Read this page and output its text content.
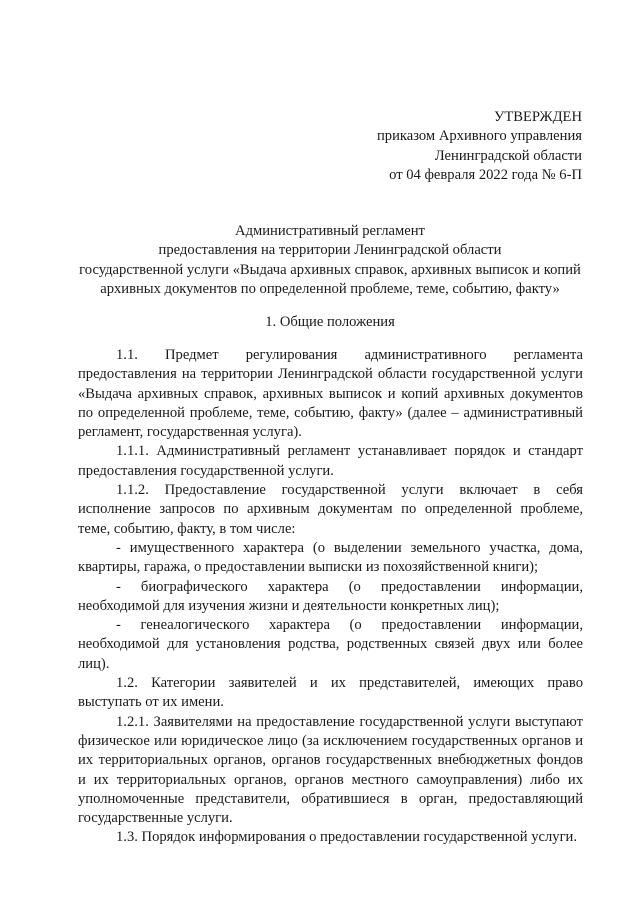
УТВЕРЖДЕН
приказом Архивного управления
Ленинградской области
от 04 февраля 2022 года № 6-П
Административный регламент
предоставления на территории Ленинградской области
государственной услуги «Выдача архивных справок, архивных выписок и копий
архивных документов по определенной проблеме, теме, событию, факту»
1. Общие положения

1.1. Предмет регулирования административного регламента предоставления на территории Ленинградской области государственной услуги «Выдача архивных справок, архивных выписок и копий архивных документов по определенной проблеме, теме, событию, факту» (далее – административный регламент, государственная услуга).

1.1.1. Административный регламент устанавливает порядок и стандарт предоставления государственной услуги.

1.1.2. Предоставление государственной услуги включает в себя исполнение запросов по архивным документам по определенной проблеме, теме, событию, факту, в том числе:

- имущественного характера (о выделении земельного участка, дома, квартиры, гаража, о предоставлении выписки из похозяйственной книги);

- биографического характера (о предоставлении информации, необходимой для изучения жизни и деятельности конкретных лиц);

- генеалогического характера (о предоставлении информации, необходимой для установления родства, родственных связей двух или более лиц).

1.2. Категории заявителей и их представителей, имеющих право выступать от их имени.

1.2.1. Заявителями на предоставление государственной услуги выступают физическое или юридическое лицо (за исключением государственных органов и их территориальных органов, органов государственных внебюджетных фондов и их территориальных органов, органов местного самоуправления) либо их уполномоченные представители, обратившиеся в орган, предоставляющий государственные услуги.

1.3. Порядок информирования о предоставлении государственной услуги.
